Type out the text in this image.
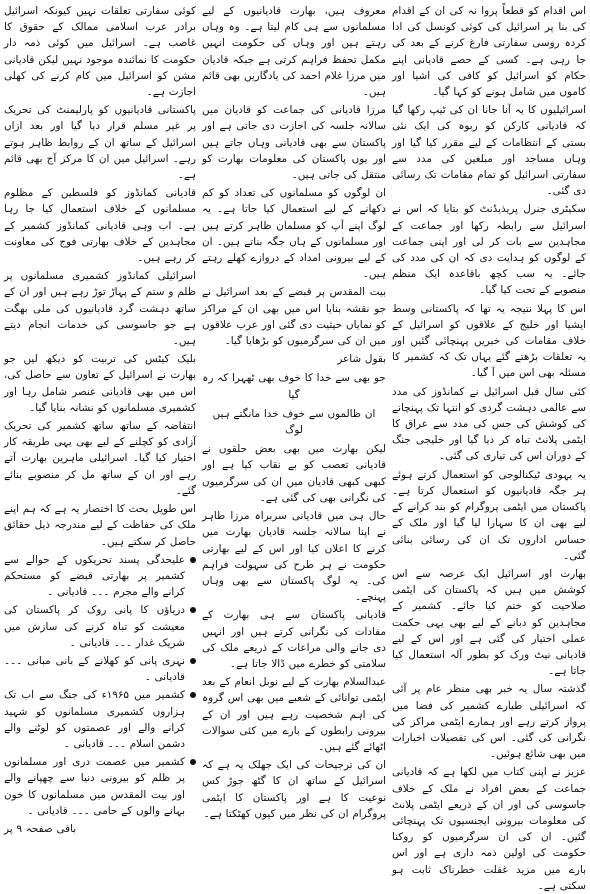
اس اقدام کو قطعاً پروا نہ کی ان کے اقدام کی بنا پر اسرائیل کی کوئی کونسل کی ادا کردہ روسی سفارتی فارغ کرنے کے بعد کی جا رہی ہے۔ کسی کے حصے قادیانی اپنے حکام کو اسرائیل کو کافی کی اشیا اور کاموں میں شامل ہونے کو کہا گیا۔

اسرائیلیوں کا یہ آنا جانا ان کی ٹیپ رکھا گیا کہ قادیانی کارکن کو ربوہ کی ایک نئی بستی کے انتظامات کے لیے مقرر کیا گیا اور وہاں مساجد اور مبلغین کی مدد سے سفارتی اسرائیل کو تمام مقامات تک رسائی دی گئی۔

سکیٹری جنرل پریذیڈنٹ کو بتایا کہ اس نے اسرائیل سے رابطہ رکھا اور جماعت کے مجاہدین سے بات کر لی اور اپنی جماعت کے لوگوں کو ہدایت دی کہ ان کی مدد کی جائے۔ یہ سب کچھ باقاعدہ ایک منظم منصوبے کے تحت کیا گیا۔

اس کا پہلا نتیجہ یہ تھا کہ پاکستانی وسط ایشیا اور خلیج کے علاقوں کو اسرائیل کے خلاف مقامات کی خبریں پہنچائی گئیں اور یہ تعلقات بڑھتے گئے یہاں تک کہ کشمیر کا مسئلہ بھی اس میں آ گیا۔

کئی سال قبل اسرائیل نے کمانڈوز کی مدد سے عالمی دہشت گردی کو انتہا تک پہنچانے کی کوشش کی جس کی مدد سے عراق کا ایٹمی پلانٹ تباہ کر دیا گیا اور خلیجی جنگ کے دوران اس کی تیاری کی گئی۔

یہ یہودی ٹیکنالوجی کو استعمال کرتے ہوئے ہر جگہ قادیانیوں کو استعمال کرتا ہے۔ پاکستان میں ایٹمی پروگرام کو بند کرانے کے لیے بھی ان کا سہارا لیا گیا اور ملک کے حساس اداروں تک ان کی رسائی بنائی گئی۔

بھارت اور اسرائیل ایک عرصہ سے اس کوشش میں ہیں کہ پاکستان کی ایٹمی صلاحیت کو ختم کیا جائے۔ کشمیر کے مجاہدین کو دبانے کے لیے بھی یہی حکمت عملی اختیار کی گئی ہے اور اس کے لیے قادیانی نیٹ ورک کو بطور آلہ استعمال کیا جاتا ہے۔

گذشتہ سال یہ خبر بھی منظر عام پر آئی کہ اسرائیلی طیارے کشمیر کی فضا میں پرواز کرتے رہے اور ہمارے ایٹمی مراکز کی نگرانی کی گئی۔ اس کی تفصیلات اخبارات میں بھی شائع ہوئیں۔

عزیز نے اپنی کتاب میں لکھا ہے کہ قادیانی جماعت کے بعض افراد نے ملک کے خلاف جاسوسی کی اور ان کے ذریعے ایٹمی پلانٹ کی معلومات بیرونی ایجنسیوں تک پہنچائی گئیں۔ ان کی ان سرگرمیوں کو روکنا حکومت کی اولین ذمہ داری ہے اور اس بارے میں مزید غفلت خطرناک ثابت ہو سکتی ہے۔

معروف ہیں، بھارت قادیانیوں کے لیے مسلمانوں سے ہی کام لیتا ہے۔ وہ وہاں رہتے ہیں اور وہاں کی حکومت انہیں مکمل تحفظ فراہم کرتی ہے جبکہ قادیان میں مرزا غلام احمد کی یادگاریں بھی قائم ہیں۔

مرزا قادیانی کی جماعت کو قادیان میں سالانہ جلسہ کی اجازت دی جاتی ہے اور پاکستان سے بھی قادیانی وہاں جاتے ہیں اور یوں پاکستان کی معلومات بھارت کو منتقل کی جاتی ہیں۔

ان لوگوں کو مسلمانوں کی تعداد کو کم دکھانے کے لیے استعمال کیا جاتا ہے۔ یہ لوگ اپنے آپ کو مسلمان ظاہر کرتے ہیں اور مسلمانوں کے ہاں جگہ بناتے ہیں۔ ان کے لیے بیرونی امداد کے دروازے کھلے رہتے ہیں۔

بیت المقدس پر قبضے کے بعد اسرائیل نے جو نقشہ بنایا اس میں بھی ان کے مراکز کو نمایاں حیثیت دی گئی اور عرب علاقوں میں ان کی سرگرمیوں کو بڑھایا گیا۔

بقول شاعر

جو بھی سے خدا کا خوف بھی ٹھہرا کہ رہ گیا

ان ظالموں سے خوف خدا مانگتے ہیں لوگ

لیکن بھارت میں بھی بعض حلقوں نے قادیانی تعصب کو بے نقاب کیا ہے اور کبھی کبھی قادیان میں ان کی سرگرمیوں کی نگرانی بھی کی گئی ہے۔

حال ہی میں قادیانی سربراہ مرزا طاہر نے اپنا سالانہ جلسہ قادیان بھارت میں کرنے کا اعلان کیا اور اس کے لیے بھارتی حکومت نے ہر طرح کی سہولت فراہم کی۔ یہ لوگ پاکستان سے بھی وہاں پہنچے۔

قادیانی پاکستان سے ہی بھارت کے مفادات کی نگرانی کرتے ہیں اور انہیں دی جانے والی مراعات کے ذریعے ملک کی سلامتی کو خطرے میں ڈالا جاتا ہے۔

عبدالسلام بھارت کے لیے نوبل انعام کے بعد ایٹمی توانائی کے شعبے میں بھی اس گروہ کی اہم شخصیت رہے ہیں اور ان کے بیرونی رابطوں کے بارے میں کئی سوالات اٹھائے گئے ہیں۔

ان کی ترجیحات کی ایک جھلک یہ ہے کہ اسرائیل کے ساتھ ان کا گٹھ جوڑ کس نوعیت کا ہے اور پاکستان کا ایٹمی پروگرام ان کی نظر میں کیوں کھٹکتا ہے۔

کوئی سفارتی تعلقات نہیں کیونکہ اسرائیل برادر عرب اسلامی ممالک کے حقوق کا غاصب ہے۔ اسرائیل میں کوئی ذمہ دار حکومت کا نمائندہ موجود نہیں لیکن قادیانی مشن کو اسرائیل میں کام کرنے کی کھلی اجازت ہے۔

پاکستانی قادیانیوں کو پارلیمنٹ کی تحریک پر غیر مسلم قرار دیا گیا اور بعد ازاں اسرائیل کے ساتھ ان کے روابط ظاہر ہوتے رہے۔ اسرائیل میں ان کا مرکز آج بھی قائم ہے۔

قادیانی کمانڈوز کو فلسطین کے مظلوم مسلمانوں کے خلاف استعمال کیا جا رہا ہے۔ اب وہی قادیانی کمانڈوز کشمیر کے مجاہدین کے خلاف بھارتی فوج کی معاونت کر رہے ہیں۔

اسرائیلی کمانڈوز کشمیری مسلمانوں پر ظلم و ستم کے پہاڑ توڑ رہے ہیں اور ان کے ساتھ دہشت گرد قادیانیوں کی ملی بھگت ہے جو جاسوسی کی خدمات انجام دیتے ہیں۔

بلیک کیٹس کی تربیت کو دیکھ لیں جو بھارت نے اسرائیل کے تعاون سے حاصل کی، اس میں بھی قادیانی عنصر شامل رہا اور کشمیری مسلمانوں کو نشانہ بنایا گیا۔

انتفاضہ کے ساتھ ساتھ کشمیر کی تحریک آزادی کو کچلنے کے لیے بھی یہی طریقہ کار اختیار کیا گیا۔ اسرائیلی ماہرین بھارت آتے رہے اور ان کے ساتھ مل کر منصوبے بنائے گئے۔

اس طویل بحث کا اختصار یہ ہے کہ ہم اپنے ملک کی حفاظت کے لیے مندرجہ ذیل حقائق حاصل کر سکتے ہیں۔

علیحدگی پسند تحریکوں کے حوالے سے کشمیر پر بھارتی قبضے کو مستحکم کرانے والے مجرم ۔۔۔ قادیانی ۔
دریاؤں کا پانی روک کر پاکستان کی معیشت کو تباہ کرنے کی سازش میں شریک غدار ۔۔۔ قادیانی ۔
نہری پانی کو کھلانے کے بانی مبانی ۔۔۔ قادیانی ۔
کشمیر میں ۱۹۶۵ء کی جنگ سے اب تک ہزاروں کشمیری مسلمانوں کو شہید کرانے والے اور عصمتوں کو لوٹنے والے دشمن اسلام ۔۔۔ قادیانی ۔
کشمیر میں عصمت دری اور مسلمانوں پر ظلم کو بیرونی دنیا سے چھپانے والے اور بیت المقدس میں مسلمانوں کا خون بہانے والوں کے حامی ۔۔۔ قادیانی ۔

باقی صفحہ ۹ پر
